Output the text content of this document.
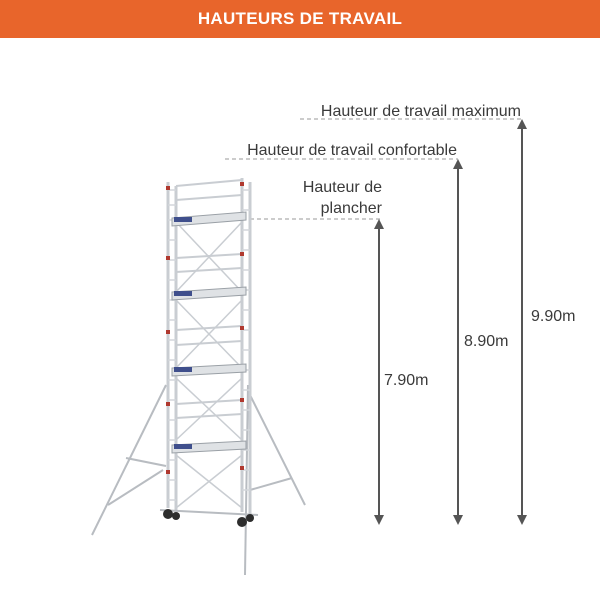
HAUTEURS DE TRAVAIL
Hauteur de travail maximum
Hauteur de travail confortable
Hauteur de
plancher
9.90m
8.90m
7.90m
